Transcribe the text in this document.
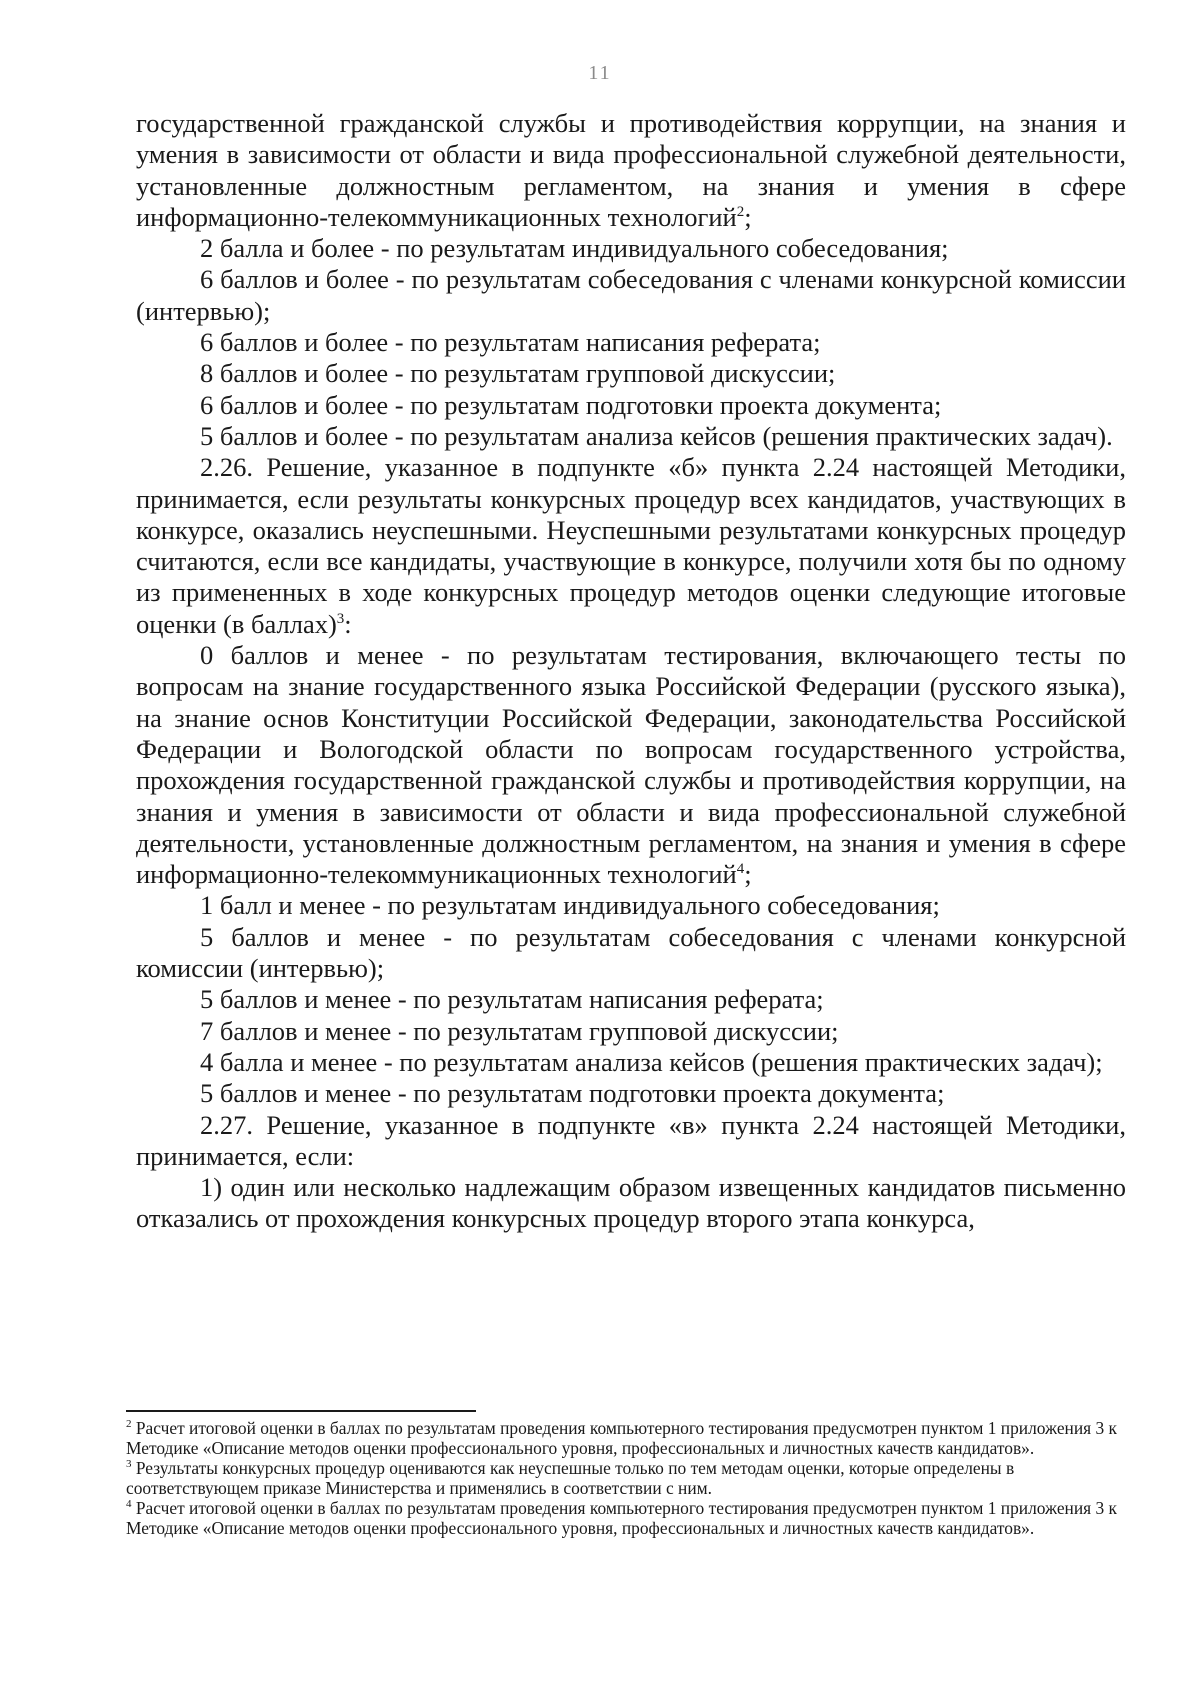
11

государственной гражданской службы и противодействия коррупции, на знания и умения в зависимости от области и вида профессиональной служебной деятельности, установленные должностным регламентом, на знания и умения в сфере информационно-телекоммуникационных технологий$^2$;

2 балла и более - по результатам индивидуального собеседования;

6 баллов и более - по результатам собеседования с членами конкурсной комиссии (интервью);

6 баллов и более - по результатам написания реферата;

8 баллов и более - по результатам групповой дискуссии;

6 баллов и более - по результатам подготовки проекта документа;

5 баллов и более - по результатам анализа кейсов (решения практических задач).

2.26. Решение, указанное в подпункте «б» пункта 2.24 настоящей Методики, принимается, если результаты конкурсных процедур всех кандидатов, участвующих в конкурсе, оказались неуспешными. Неуспешными результатами конкурсных процедур считаются, если все кандидаты, участвующие в конкурсе, получили хотя бы по одному из примененных в ходе конкурсных процедур методов оценки следующие итоговые оценки (в баллах)$^3$:

0 баллов и менее - по результатам тестирования, включающего тесты по вопросам на знание государственного языка Российской Федерации (русского языка), на знание основ Конституции Российской Федерации, законодательства Российской Федерации и Вологодской области по вопросам государственного устройства, прохождения государственной гражданской службы и противодействия коррупции, на знания и умения в зависимости от области и вида профессиональной служебной деятельности, установленные должностным регламентом, на знания и умения в сфере информационно-телекоммуникационных технологий$^4$;

1 балл и менее - по результатам индивидуального собеседования;

5 баллов и менее - по результатам собеседования с членами конкурсной комиссии (интервью);

5 баллов и менее - по результатам написания реферата;

7 баллов и менее - по результатам групповой дискуссии;

4 балла и менее - по результатам анализа кейсов (решения практических задач);

5 баллов и менее - по результатам подготовки проекта документа;

2.27. Решение, указанное в подпункте «в» пункта 2.24 настоящей Методики, принимается, если:

1) один или несколько надлежащим образом извещенных кандидатов письменно отказались от прохождения конкурсных процедур второго этапа конкурса,

$^2$ Расчет итоговой оценки в баллах по результатам проведения компьютерного тестирования предусмотрен пунктом 1 приложения 3 к Методике «Описание методов оценки профессионального уровня, профессиональных и личностных качеств кандидатов».

$^3$ Результаты конкурсных процедур оцениваются как неуспешные только по тем методам оценки, которые определены в соответствующем приказе Министерства и применялись в соответствии с ним.

$^4$ Расчет итоговой оценки в баллах по результатам проведения компьютерного тестирования предусмотрен пунктом 1 приложения 3 к Методике «Описание методов оценки профессионального уровня, профессиональных и личностных качеств кандидатов».
